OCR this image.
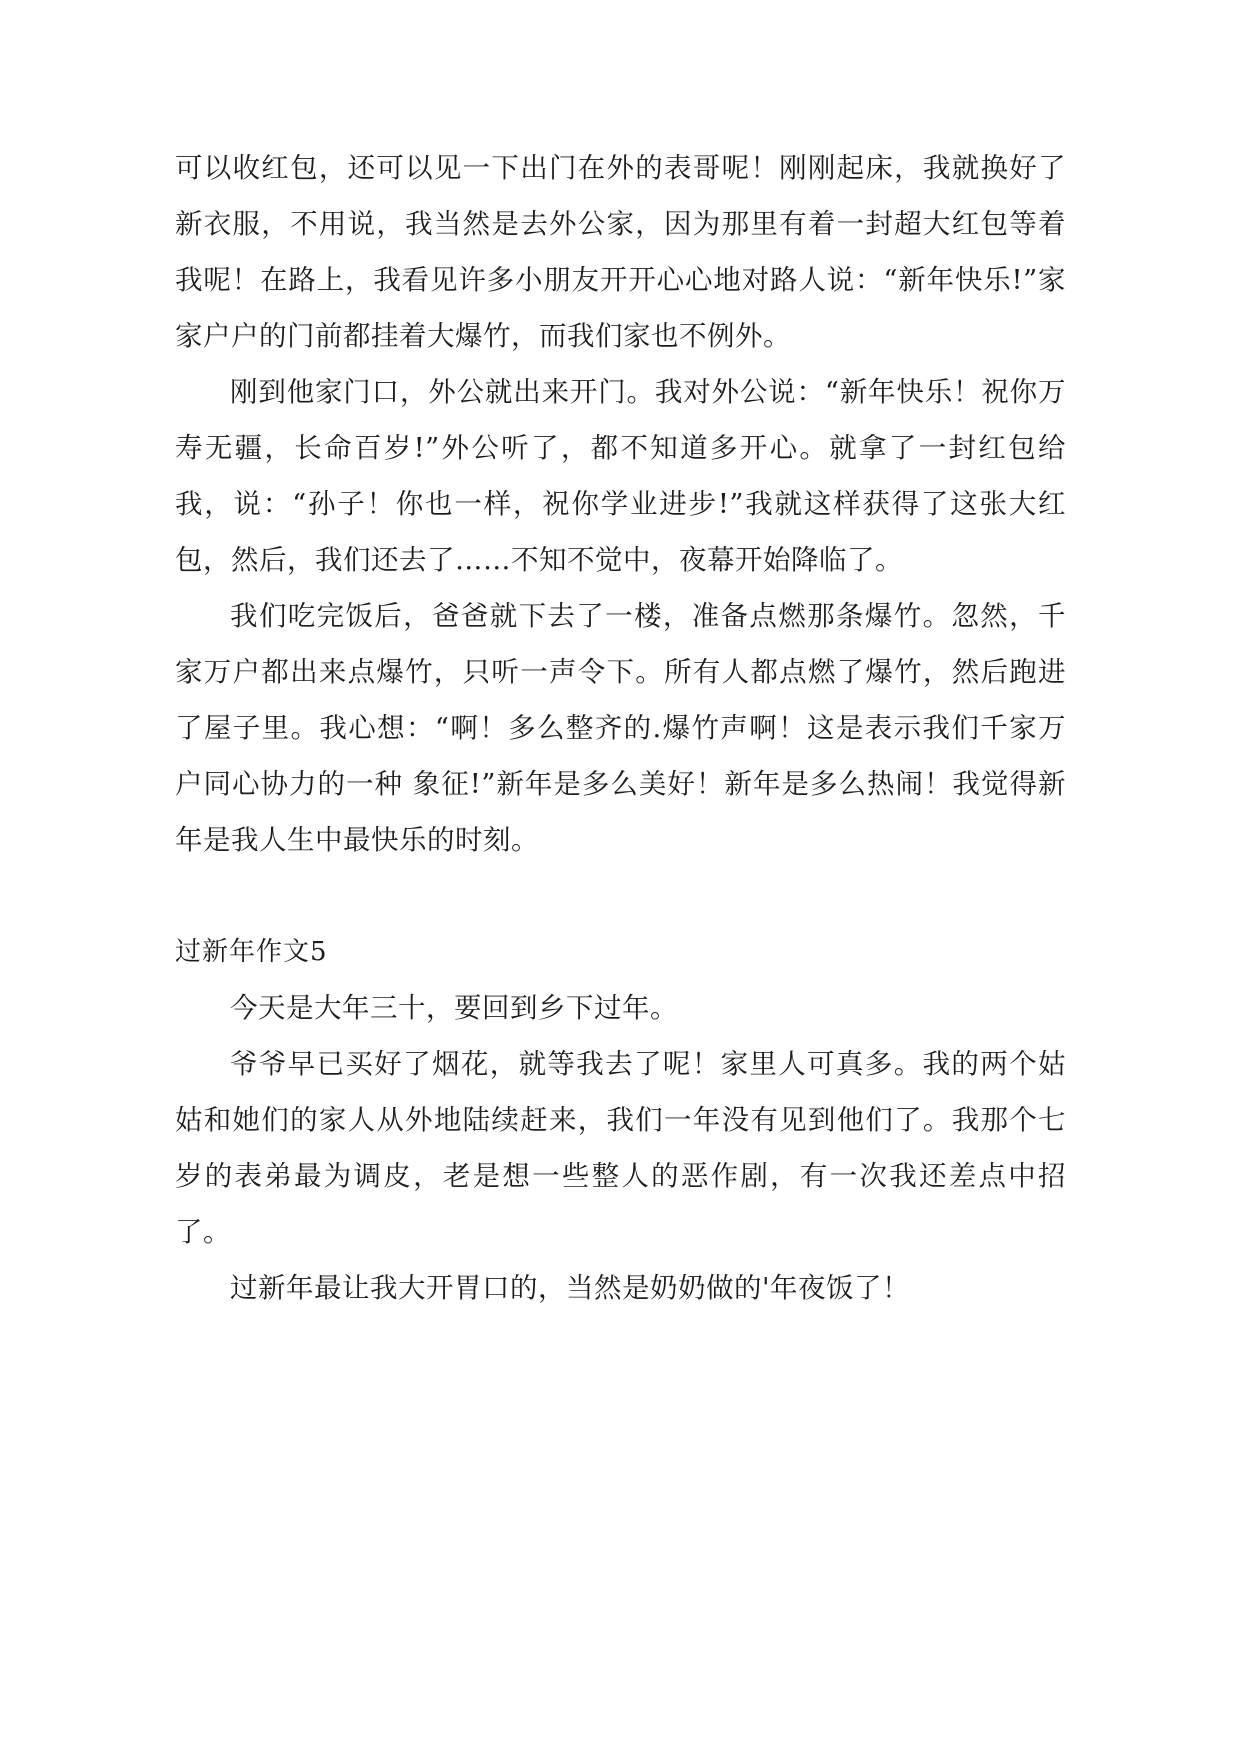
可以收红包，还可以见一下出门在外的表哥呢！刚刚起床，我就换好了新衣服，不用说，我当然是去外公家，因为那里有着一封超大红包等着我呢！在路上，我看见许多小朋友开开心心地对路人说：“新年快乐!”家家户户的门前都挂着大爆竹，而我们家也不例外。

刚到他家门口，外公就出来开门。我对外公说：“新年快乐！祝你万寿无疆，长命百岁!”外公听了，都不知道多开心。就拿了一封红包给我，说：“孙子！你也一样，祝你学业进步!”我就这样获得了这张大红包，然后，我们还去了……不知不觉中，夜幕开始降临了。

我们吃完饭后，爸爸就下去了一楼，准备点燃那条爆竹。忽然，千家万户都出来点爆竹，只听一声令下。所有人都点燃了爆竹，然后跑进了屋子里。我心想：“啊！多么整齐的.爆竹声啊！这是表示我们千家万户同心协力的一种 象征!”新年是多么美好！新年是多么热闹！我觉得新年是我人生中最快乐的时刻。

过新年作文5

今天是大年三十，要回到乡下过年。

爷爷早已买好了烟花，就等我去了呢！家里人可真多。我的两个姑姑和她们的家人从外地陆续赶来，我们一年没有见到他们了。我那个七岁的表弟最为调皮，老是想一些整人的恶作剧，有一次我还差点中招了。

过新年最让我大开胃口的，当然是奶奶做的'年夜饭了！
